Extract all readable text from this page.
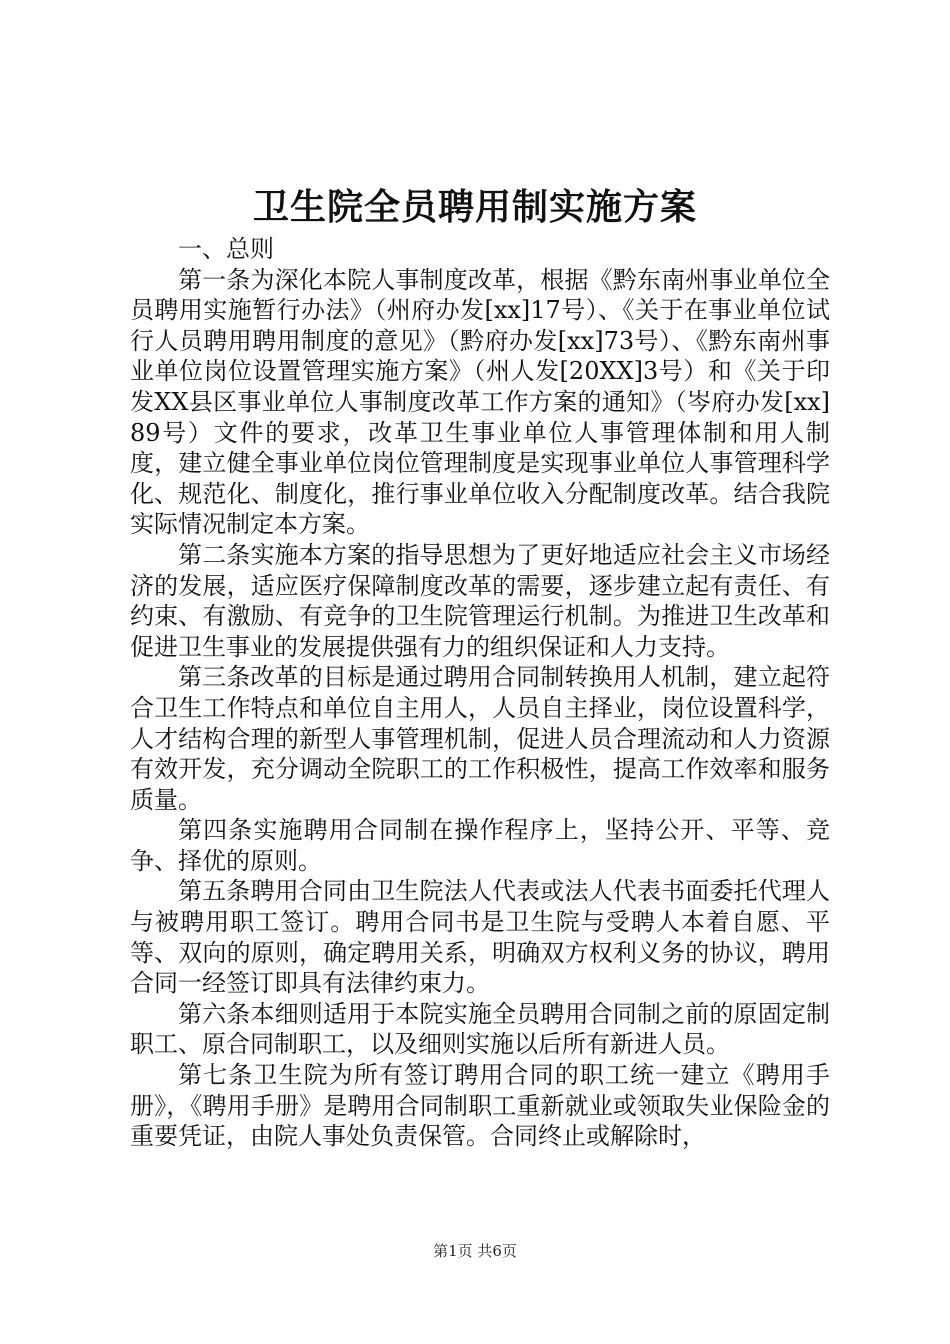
卫生院全员聘用制实施方案

一、总则

第一条为深化本院人事制度改革，根据《黔东南州事业单位全员聘用实施暂行办法》（州府办发[xx]17号）、《关于在事业单位试行人员聘用聘用制度的意见》（黔府办发[xx]73号）、《黔东南州事业单位岗位设置管理实施方案》（州人发[20XX]3号）和《关于印发XX县区事业单位人事制度改革工作方案的通知》（岑府办发[xx]89号）文件的要求，改革卫生事业单位人事管理体制和用人制度，建立健全事业单位岗位管理制度是实现事业单位人事管理科学化、规范化、制度化，推行事业单位收入分配制度改革。结合我院实际情况制定本方案。

第二条实施本方案的指导思想为了更好地适应社会主义市场经济的发展，适应医疗保障制度改革的需要，逐步建立起有责任、有约束、有激励、有竞争的卫生院管理运行机制。为推进卫生改革和促进卫生事业的发展提供强有力的组织保证和人力支持。

第三条改革的目标是通过聘用合同制转换用人机制，建立起符合卫生工作特点和单位自主用人，人员自主择业，岗位设置科学，人才结构合理的新型人事管理机制，促进人员合理流动和人力资源有效开发，充分调动全院职工的工作积极性，提高工作效率和服务质量。

第四条实施聘用合同制在操作程序上，坚持公开、平等、竞争、择优的原则。

第五条聘用合同由卫生院法人代表或法人代表书面委托代理人与被聘用职工签订。聘用合同书是卫生院与受聘人本着自愿、平等、双向的原则，确定聘用关系，明确双方权利义务的协议，聘用合同一经签订即具有法律约束力。

第六条本细则适用于本院实施全员聘用合同制之前的原固定制职工、原合同制职工，以及细则实施以后所有新进人员。

第七条卫生院为所有签订聘用合同的职工统一建立《聘用手册》，《聘用手册》是聘用合同制职工重新就业或领取失业保险金的重要凭证，由院人事处负责保管。合同终止或解除时，

第1页 共6页
